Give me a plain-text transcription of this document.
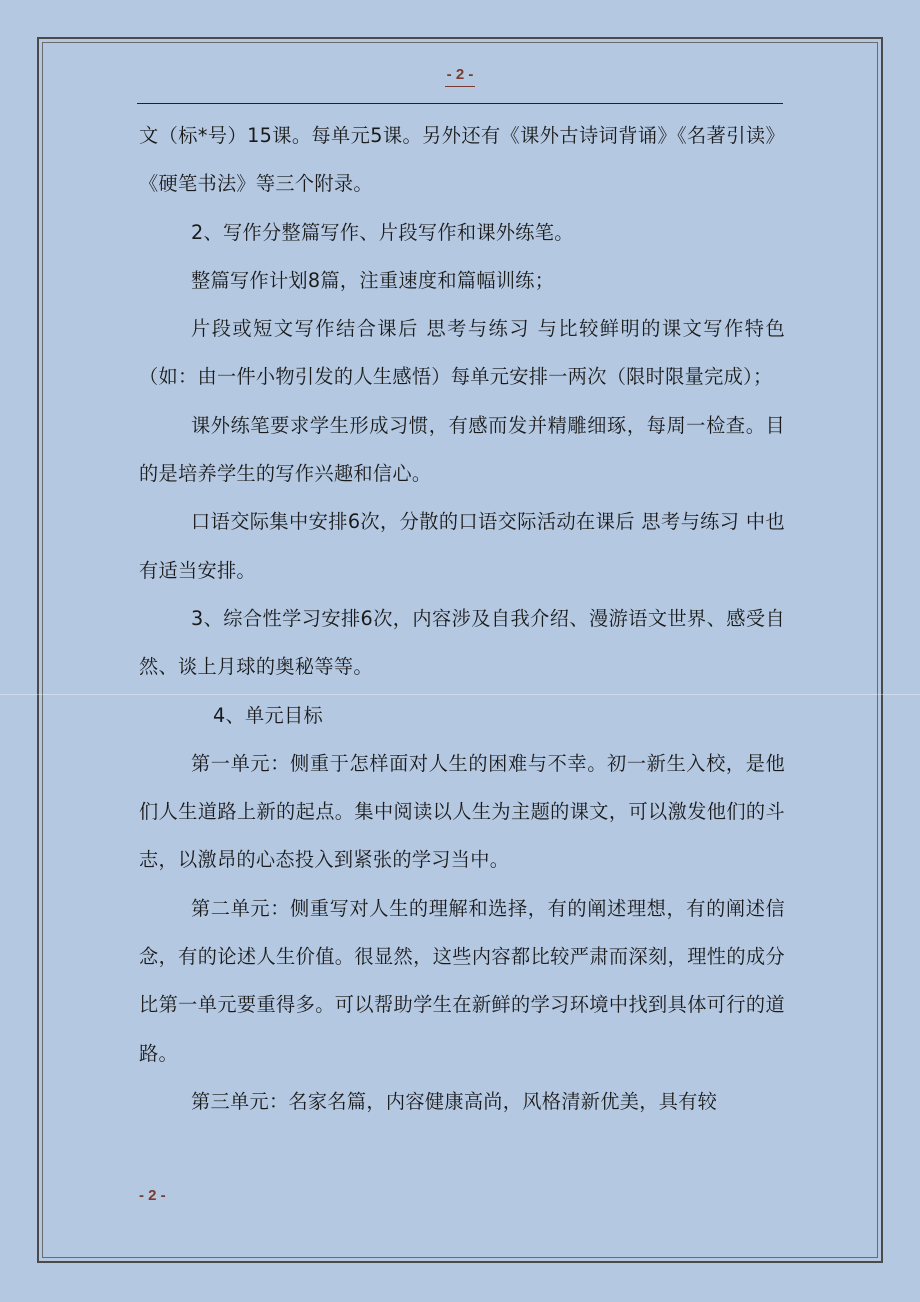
- 2 -

文（标*号）15课。每单元5课。另外还有《课外古诗词背诵》《名著引读》《硬笔书法》等三个附录。

2、写作分整篇写作、片段写作和课外练笔。

整篇写作计划8篇，注重速度和篇幅训练；

片段或短文写作结合课后 思考与练习 与比较鲜明的课文写作特色（如：由一件小物引发的人生感悟）每单元安排一两次（限时限量完成）；

课外练笔要求学生形成习惯，有感而发并精雕细琢，每周一检查。目的是培养学生的写作兴趣和信心。

口语交际集中安排6次，分散的口语交际活动在课后 思考与练习 中也有适当安排。

3、综合性学习安排6次，内容涉及自我介绍、漫游语文世界、感受自然、谈上月球的奥秘等等。

4、单元目标

第一单元：侧重于怎样面对人生的困难与不幸。初一新生入校，是他们人生道路上新的起点。集中阅读以人生为主题的课文，可以激发他们的斗志，以激昂的心态投入到紧张的学习当中。

第二单元：侧重写对人生的理解和选择，有的阐述理想，有的阐述信念，有的论述人生价值。很显然，这些内容都比较严肃而深刻，理性的成分比第一单元要重得多。可以帮助学生在新鲜的学习环境中找到具体可行的道路。

第三单元：名家名篇，内容健康高尚，风格清新优美，具有较

- 2 -
